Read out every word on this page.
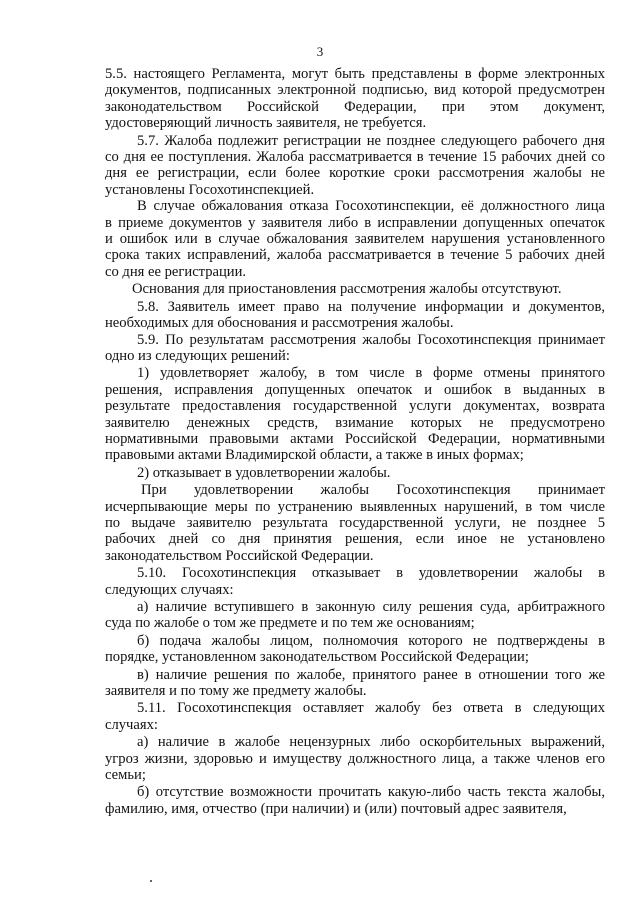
3
5.5. настоящего Регламента, могут быть представлены в форме электронных
документов, подписанных электронной подписью, вид которой предусмотрен
законодательством Российской Федерации, при этом документ,
удостоверяющий личность заявителя, не требуется.
5.7. Жалоба подлежит регистрации не позднее следующего рабочего дня
со дня ее поступления. Жалоба рассматривается в течение 15 рабочих дней со
дня ее регистрации, если более короткие сроки рассмотрения жалобы не
установлены Госохотинспекцией.
В случае обжалования отказа Госохотинспекции, её должностного лица
в приеме документов у заявителя либо в исправлении допущенных опечаток
и ошибок или в случае обжалования заявителем нарушения установленного
срока таких исправлений, жалоба рассматривается в течение 5 рабочих дней
со дня ее регистрации.
Основания для приостановления рассмотрения жалобы отсутствуют.
5.8. Заявитель имеет право на получение информации и документов,
необходимых для обоснования и рассмотрения жалобы.
5.9. По результатам рассмотрения жалобы Госохотинспекция принимает
одно из следующих решений:
1) удовлетворяет жалобу, в том числе в форме отмены принятого
решения, исправления допущенных опечаток и ошибок в выданных в
результате предоставления государственной услуги документах, возврата
заявителю денежных средств, взимание которых не предусмотрено
нормативными правовыми актами Российской Федерации, нормативными
правовыми актами Владимирской области, а также в иных формах;
2) отказывает в удовлетворении жалобы.
При удовлетворении жалобы Госохотинспекция принимает
исчерпывающие меры по устранению выявленных нарушений, в том числе
по выдаче заявителю результата государственной услуги, не позднее 5
рабочих дней со дня принятия решения, если иное не установлено
законодательством Российской Федерации.
5.10. Госохотинспекция отказывает в удовлетворении жалобы в
следующих случаях:
а) наличие вступившего в законную силу решения суда, арбитражного
суда по жалобе о том же предмете и по тем же основаниям;
б) подача жалобы лицом, полномочия которого не подтверждены в
порядке, установленном законодательством Российской Федерации;
в) наличие решения по жалобе, принятого ранее в отношении того же
заявителя и по тому же предмету жалобы.
5.11. Госохотинспекция оставляет жалобу без ответа в следующих
случаях:
а) наличие в жалобе нецензурных либо оскорбительных выражений,
угроз жизни, здоровью и имуществу должностного лица, а также членов его
семьи;
б) отсутствие возможности прочитать какую-либо часть текста жалобы,
фамилию, имя, отчество (при наличии) и (или) почтовый адрес заявителя,
